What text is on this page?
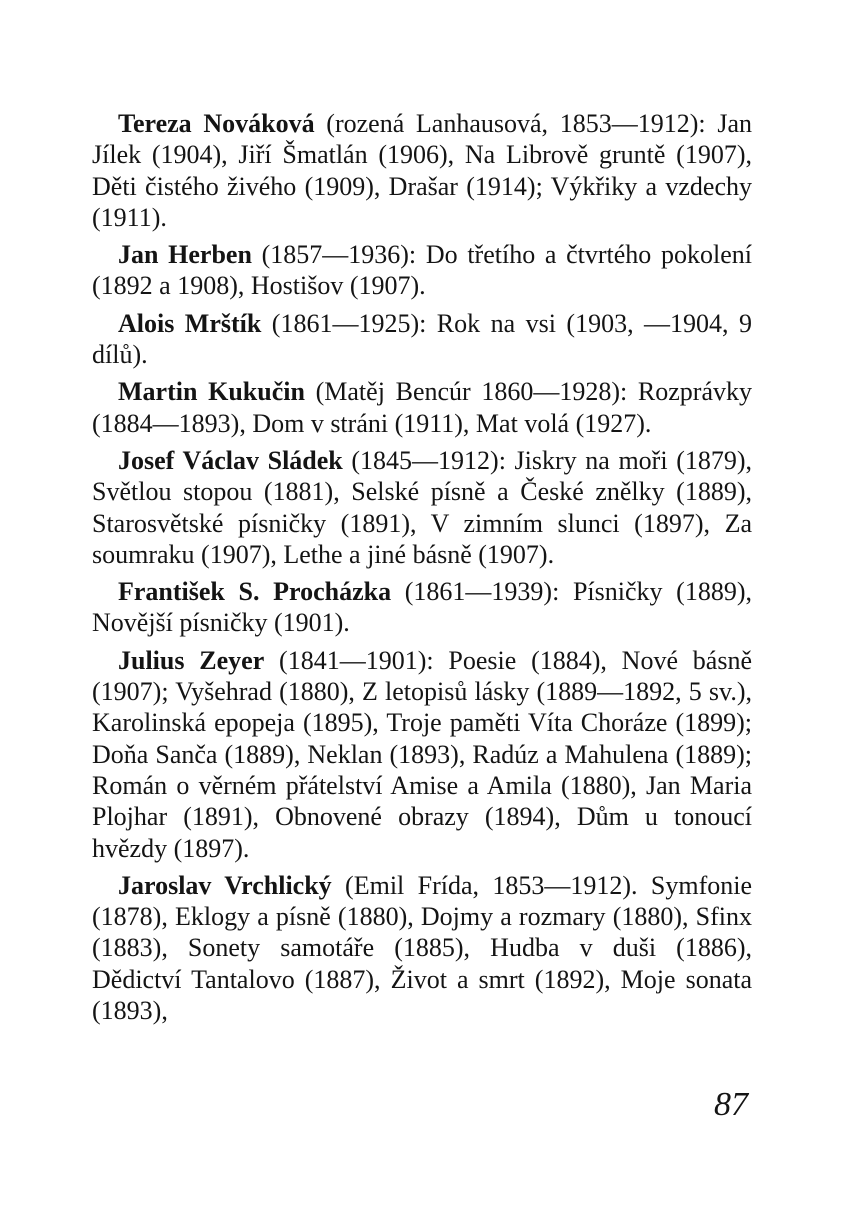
Tereza Nováková (rozená Lanhausová, 1853—1912): Jan Jílek (1904), Jiří Šmatlán (1906), Na Librově gruntě (1907), Děti čistého živého (1909), Drašar (1914); Výkřiky a vzdechy (1911).

Jan Herben (1857—1936): Do třetího a čtvrtého pokolení (1892 a 1908), Hostišov (1907).

Alois Mrštík (1861—1925): Rok na vsi (1903, —1904, 9 dílů).

Martin Kukučin (Matěj Bencúr 1860—1928): Rozprávky (1884—1893), Dom v stráni (1911), Mat volá (1927).

Josef Václav Sládek (1845—1912): Jiskry na moři (1879), Světlou stopou (1881), Selské písně a České znělky (1889), Starosvětské písničky (1891), V zimním slunci (1897), Za soumraku (1907), Lethe a jiné básně (1907).

František S. Procházka (1861—1939): Písničky (1889), Novější písničky (1901).

Julius Zeyer (1841—1901): Poesie (1884), Nové básně (1907); Vyšehrad (1880), Z letopisů lásky (1889—1892, 5 sv.), Karolinská epopeja (1895), Troje paměti Víta Choráze (1899); Doňa Sanča (1889), Neklan (1893), Radúz a Mahulena (1889); Román o věrném přátelství Amise a Amila (1880), Jan Maria Plojhar (1891), Obnovené obrazy (1894), Dům u tonoucí hvězdy (1897).

Jaroslav Vrchlický (Emil Frída, 1853—1912). Symfonie (1878), Eklogy a písně (1880), Dojmy a rozmary (1880), Sfinx (1883), Sonety samotáře (1885), Hudba v duši (1886), Dědictví Tantalovo (1887), Život a smrt (1892), Moje sonata (1893),

87
